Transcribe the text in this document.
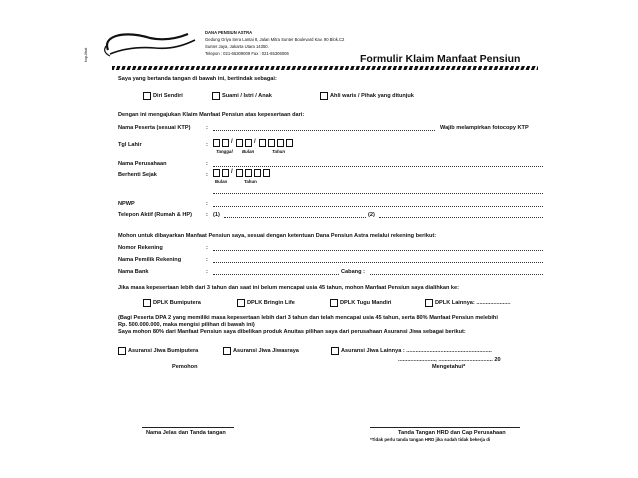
kop-lihat
DANA PENSIUN ASTRA
Gedung Griya Sera Lantai 8, Jalan Mitra Sunter Boulevard Kav. 90 Blok.C2
Sunter Jaya, Jakarta Utara 14350.
Telepon : 021-65309009 Fax : 021-65306006	Formulir Klaim Manfaat Pensiun
Saya yang bertanda tangan di bawah ini, bertindak sebagai:
Diri Sendiri	Suami / Istri / Anak	Ahli waris / Pihak yang ditunjuk
Dengan ini mengajukan Klaim Manfaat Pensiun atas kepesertaan dari:
Nama Peserta (sesuai KTP)	:	Wajib melampirkan fotocopy KTP
Tgl Lahir	:	/	/
Tanggal Bulan	Tahun
Nama Perusahaan	:
Berhenti Sejak	:	/
Bulan	Tahun
NPWP	:
Telepon Aktif (Rumah & HP)	: (1)	(2)
Mohon untuk dibayarkan Manfaat Pensiun saya, sesuai dengan ketentuan Dana Pensiun Astra melalui rekening berikut:
Nomor Rekening	:
Nama Pemilik Rekening	:
Nama Bank	:	Cabang :
Jika masa kepesertaan lebih dari 3 tahun dan saat ini belum mencapai usia 45 tahun, mohon Manfaat Pensiun saya dialihkan ke:
DPLK Bumiputera	DPLK Bringin Life	DPLK Tugu Mandiri	DPLK Lainnya: ......................
(Bagi Peserta DPA 2 yang memiliki masa kepesertaan lebih dari 3 tahun dan telah mencapai usia 45 tahun, serta 80% Manfaat Pensiun melebihi
Rp. 500.000.000, maka mengisi pilihan di bawah ini)
Saya mohon 80% dari Manfaat Pensiun saya dibelikan produk Anuitas pilihan saya dari perusahaan Asuransi Jiwa sebagai berikut:
Asuransi Jiwa Bumiputera	Asuransi Jiwa Jiwasraya	Asuransi Jiwa Lainnya : .......................................................
........................, ................................... 20
Pemohon	Mengetahui*
Nama Jelas dan Tanda tangan	Tanda Tangan HRD dan Cap Perusahaan
*Tidak perlu tanda tangan HRD jika sudah tidak bekerja di
